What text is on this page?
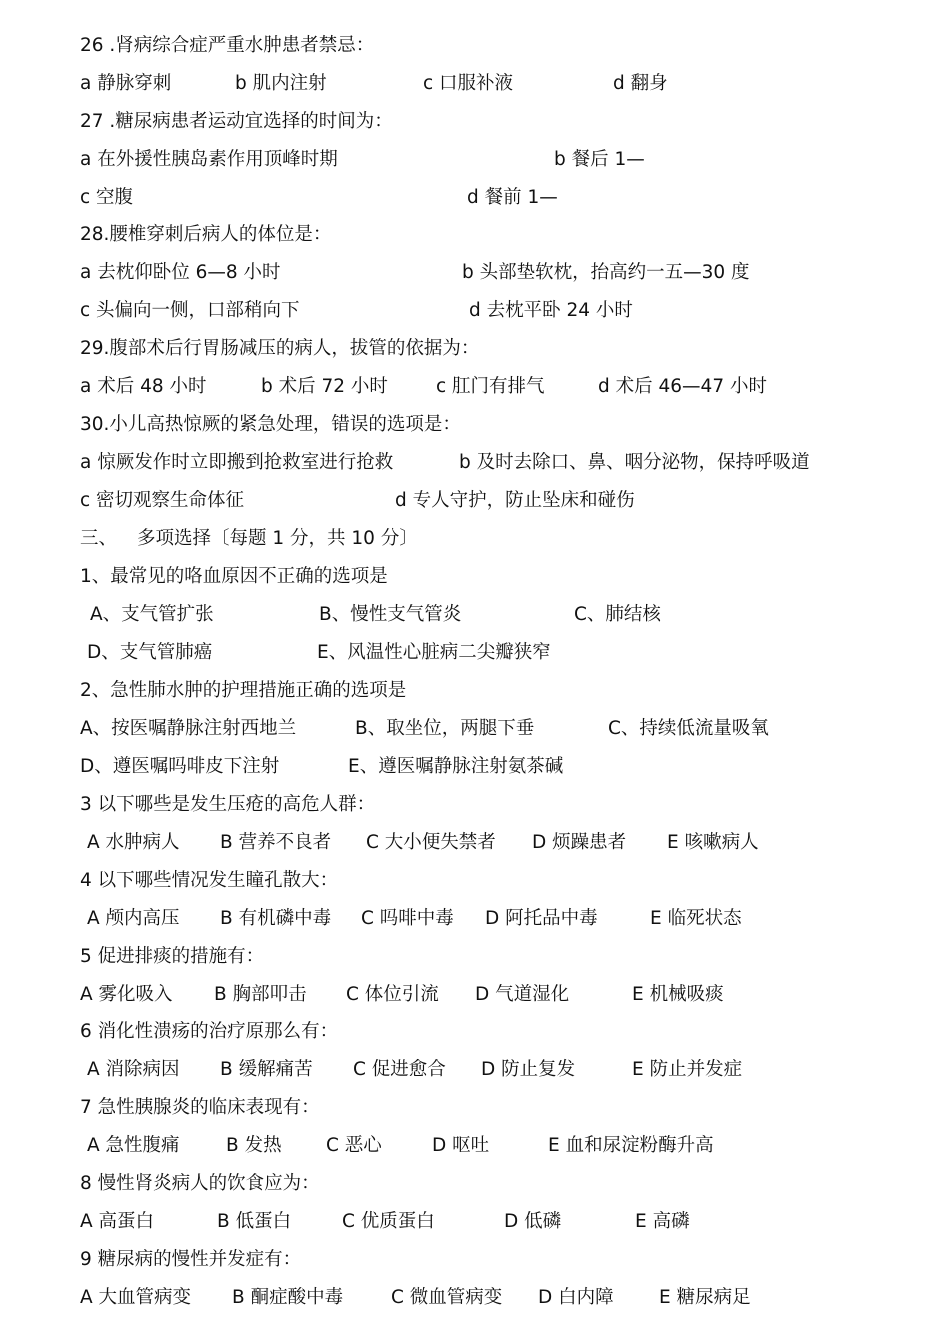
26 .肾病综合症严重水肿患者禁忌：
a 静脉穿刺	b 肌内注射	c 口服补液	d 翻身
27 .糖尿病患者运动宜选择的时间为：
a 在外援性胰岛素作用顶峰时期	b 餐后 1—
c 空腹	d 餐前 1—
28.腰椎穿刺后病人的体位是：
a 去枕仰卧位 6—8 小时	b 头部垫软枕，抬高约一五—30 度
c 头偏向一侧，口部稍向下	d 去枕平卧 24 小时
29.腹部术后行胃肠减压的病人，拔管的依据为：
a 术后 48 小时	b 术后 72 小时	c 肛门有排气	d 术后 46—47 小时
30.小儿高热惊厥的紧急处理，错误的选项是：
a 惊厥发作时立即搬到抢救室进行抢救	b 及时去除口、鼻、咽分泌物，保持呼吸道
c 密切观察生命体征	d 专人守护，防止坠床和碰伤
三、 多项选择〔每题 1 分，共 10 分〕
1、最常见的咯血原因不正确的选项是
A、支气管扩张	B、慢性支气管炎	C、肺结核
D、支气管肺癌	E、风温性心脏病二尖瓣狭窄
2、急性肺水肿的护理措施正确的选项是
A、按医嘱静脉注射西地兰	B、取坐位，两腿下垂	C、持续低流量吸氧
D、遵医嘱吗啡皮下注射	E、遵医嘱静脉注射氨茶碱
3 以下哪些是发生压疮的高危人群：
A 水肿病人 B 营养不良者 C 大小便失禁者 D 烦躁患者 E 咳嗽病人
4 以下哪些情况发生瞳孔散大：
A 颅内高压 B 有机磷中毒 C 吗啡中毒 D 阿托品中毒	E 临死状态
5 促进排痰的措施有：
A 雾化吸入 B 胸部叩击 C 体位引流 D 气道湿化	E 机械吸痰
6 消化性溃疡的治疗原那么有：
A 消除病因 B 缓解痛苦 C 促进愈合 D 防止复发	E 防止并发症
7 急性胰腺炎的临床表现有：
A 急性腹痛	B 发热 C 恶心	D 呕吐	E 血和尿淀粉酶升高
8 慢性肾炎病人的饮食应为：
A 高蛋白	B 低蛋白	C 优质蛋白	D 低磷	E 高磷
9 糖尿病的慢性并发症有：
A 大血管病变 B 酮症酸中毒	C 微血管病变 D 白内障 E 糖尿病足
